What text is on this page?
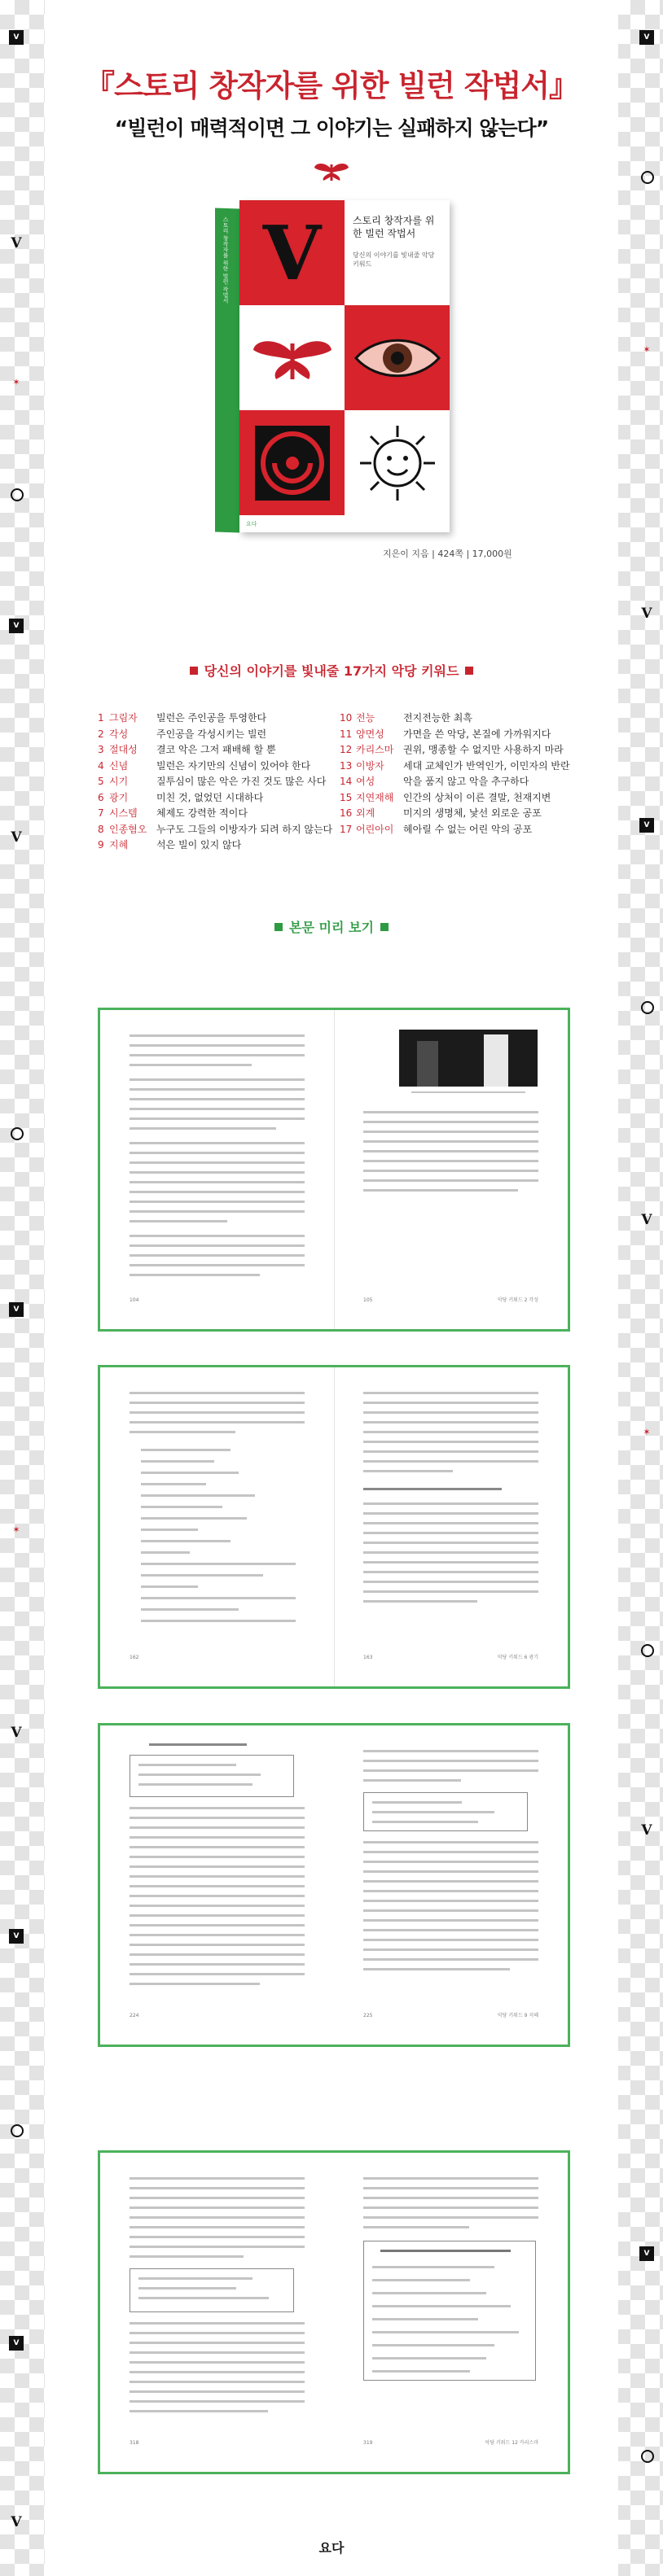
V
V
✶
V
V
V
✶
V
V
V
V
V
✶
V
V
V
✶
V
V
『스토리 창작자를 위한 빌런 작법서』
“빌런이 매력적이면 그 이야기는 실패하지 않는다”
스토리 창작자를 위한 빌런 작법서 V	스토리 창작자를 위한 빌런 작법서
당신의 이야기를 빛내줄 악당 키워드
요다
지은이 지음 | 424쪽 | 17,000원
당신의 이야기를 빛내줄 17가지 악당 키워드
1 그림자 빌런은 주인공을 투영한다
2 각성	주인공을 각성시키는 빌런
3 절대성 결코 악은 그저 패배해 할 뿐
4 신념	빌런은 자기만의 신념이 있어야 한다
5 시기	질투심이 많은 악은 가진 것도 많은 사다
6 광기	미친 것, 없었던 시대하다
7 시스템 체제도 강력한 적이다
8 인종혐오 누구도 그들의 이방자가 되려 하지 않는다
9 지혜	석은 빌이 있지 않다
10 전능	전지전능한 최흑
11 양면성 가면을 쓴 악당, 본질에 가까워지다
12 카리스마 권위, 맹종할 수 없지만 사용하지 마라
13 이방자 세대 교체인가 반역인가, 이민자의 반란
14 여성	악을 품지 않고 악을 추구하다
15 지연재해 인간의 상처이 이른 결말, 천재지변
16 외계	미지의 생명체, 낯선 외로운 공포
17 어린아이 헤아릴 수 없는 어린 악의 공포
본문 미리 보기
104	105	악당 키워드 2 각성
162	163	악당 키워드 6 광기
224	225	악당 키워드 9 지혜
318	319	악당 키워드 12 카리스마
요다
